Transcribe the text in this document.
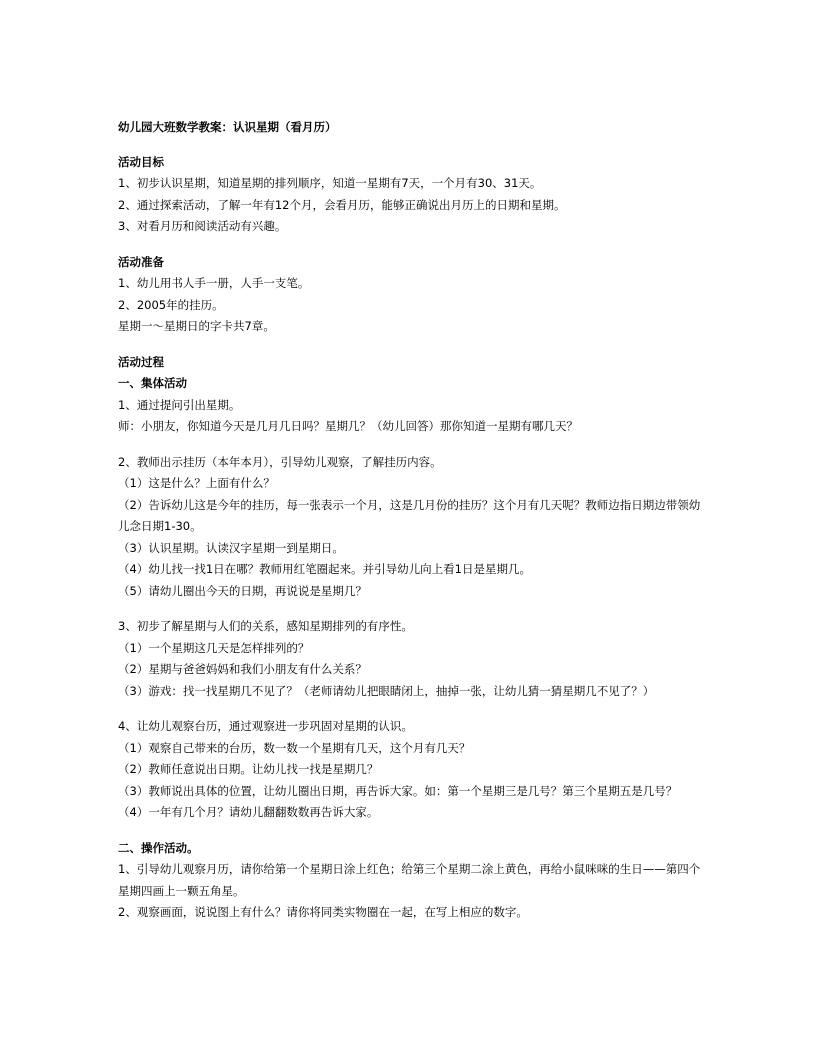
幼儿园大班数学教案：认识星期（看月历）

活动目标

1、初步认识星期，知道星期的排列顺序，知道一星期有7天，一个月有30、31天。

2、通过探索活动，了解一年有12个月，会看月历，能够正确说出月历上的日期和星期。

3、对看月历和阅读活动有兴趣。

活动准备

1、幼儿用书人手一册，人手一支笔。

2、2005年的挂历。

星期一～星期日的字卡共7章。

活动过程

一、集体活动

1、通过提问引出星期。

师：小朋友，你知道今天是几月几日吗？星期几？（幼儿回答）那你知道一星期有哪几天？

2、教师出示挂历（本年本月），引导幼儿观察，了解挂历内容。

（1）这是什么？上面有什么？

（2）告诉幼儿这是今年的挂历，每一张表示一个月，这是几月份的挂历？这个月有几天呢？教师边指日期边带领幼儿念日期1-30。

（3）认识星期。认读汉字星期一到星期日。

（4）幼儿找一找1日在哪？教师用红笔圈起来。并引导幼儿向上看1日是星期几。

（5）请幼儿圈出今天的日期，再说说是星期几？

3、初步了解星期与人们的关系，感知星期排列的有序性。

（1）一个星期这几天是怎样排列的？

（2）星期与爸爸妈妈和我们小朋友有什么关系？

（3）游戏：找一找星期几不见了？（老师请幼儿把眼睛闭上，抽掉一张，让幼儿猜一猜星期几不见了？）

4、让幼儿观察台历，通过观察进一步巩固对星期的认识。

（1）观察自己带来的台历，数一数一个星期有几天，这个月有几天？

（2）教师任意说出日期。让幼儿找一找是星期几？

（3）教师说出具体的位置，让幼儿圈出日期，再告诉大家。如：第一个星期三是几号？第三个星期五是几号？

（4）一年有几个月？请幼儿翻翻数数再告诉大家。

二、操作活动。

1、引导幼儿观察月历，请你给第一个星期日涂上红色；给第三个星期二涂上黄色，再给小鼠咪咪的生日——第四个星期四画上一颗五角星。

2、观察画面，说说图上有什么？请你将同类实物圈在一起，在写上相应的数字。
